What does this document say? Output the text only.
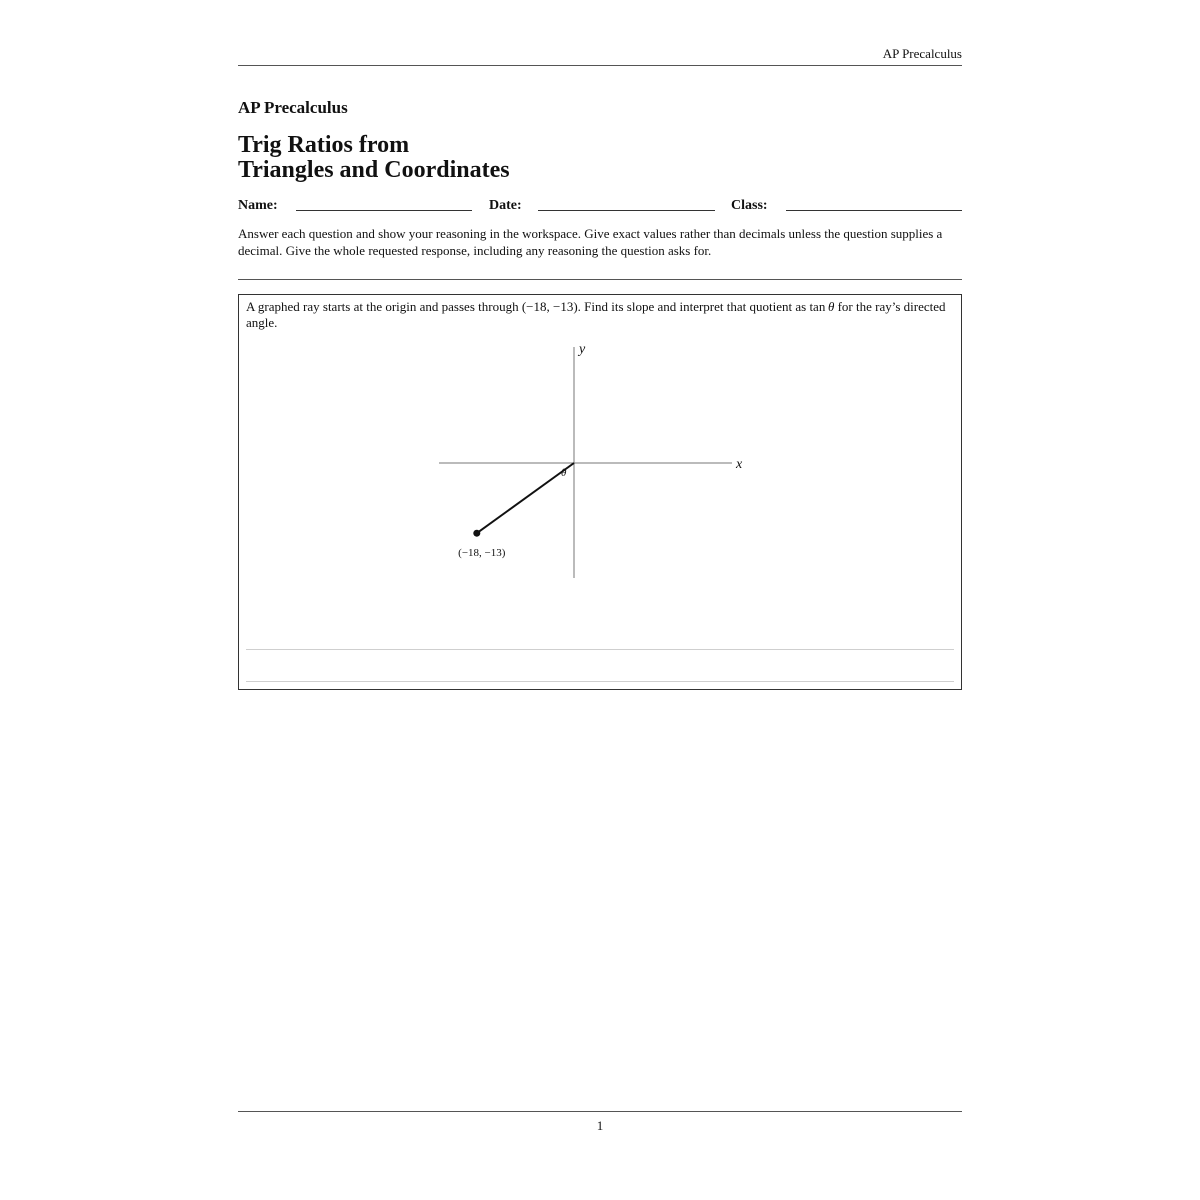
AP Precalculus
AP Precalculus
Trig Ratios from
Triangles and Coordinates
Name:	Date:	Class:

Answer each question and show your reasoning in the workspace. Give exact values rather than decimals unless the question supplies a decimal. Give the whole requested response, including any reasoning the question asks for.

A graphed ray starts at the origin and passes through (−18, −13). Find its slope and interpret that quotient as tan  θ for the ray’s directed angle.

x
y
θ
(−18, −13)
1
